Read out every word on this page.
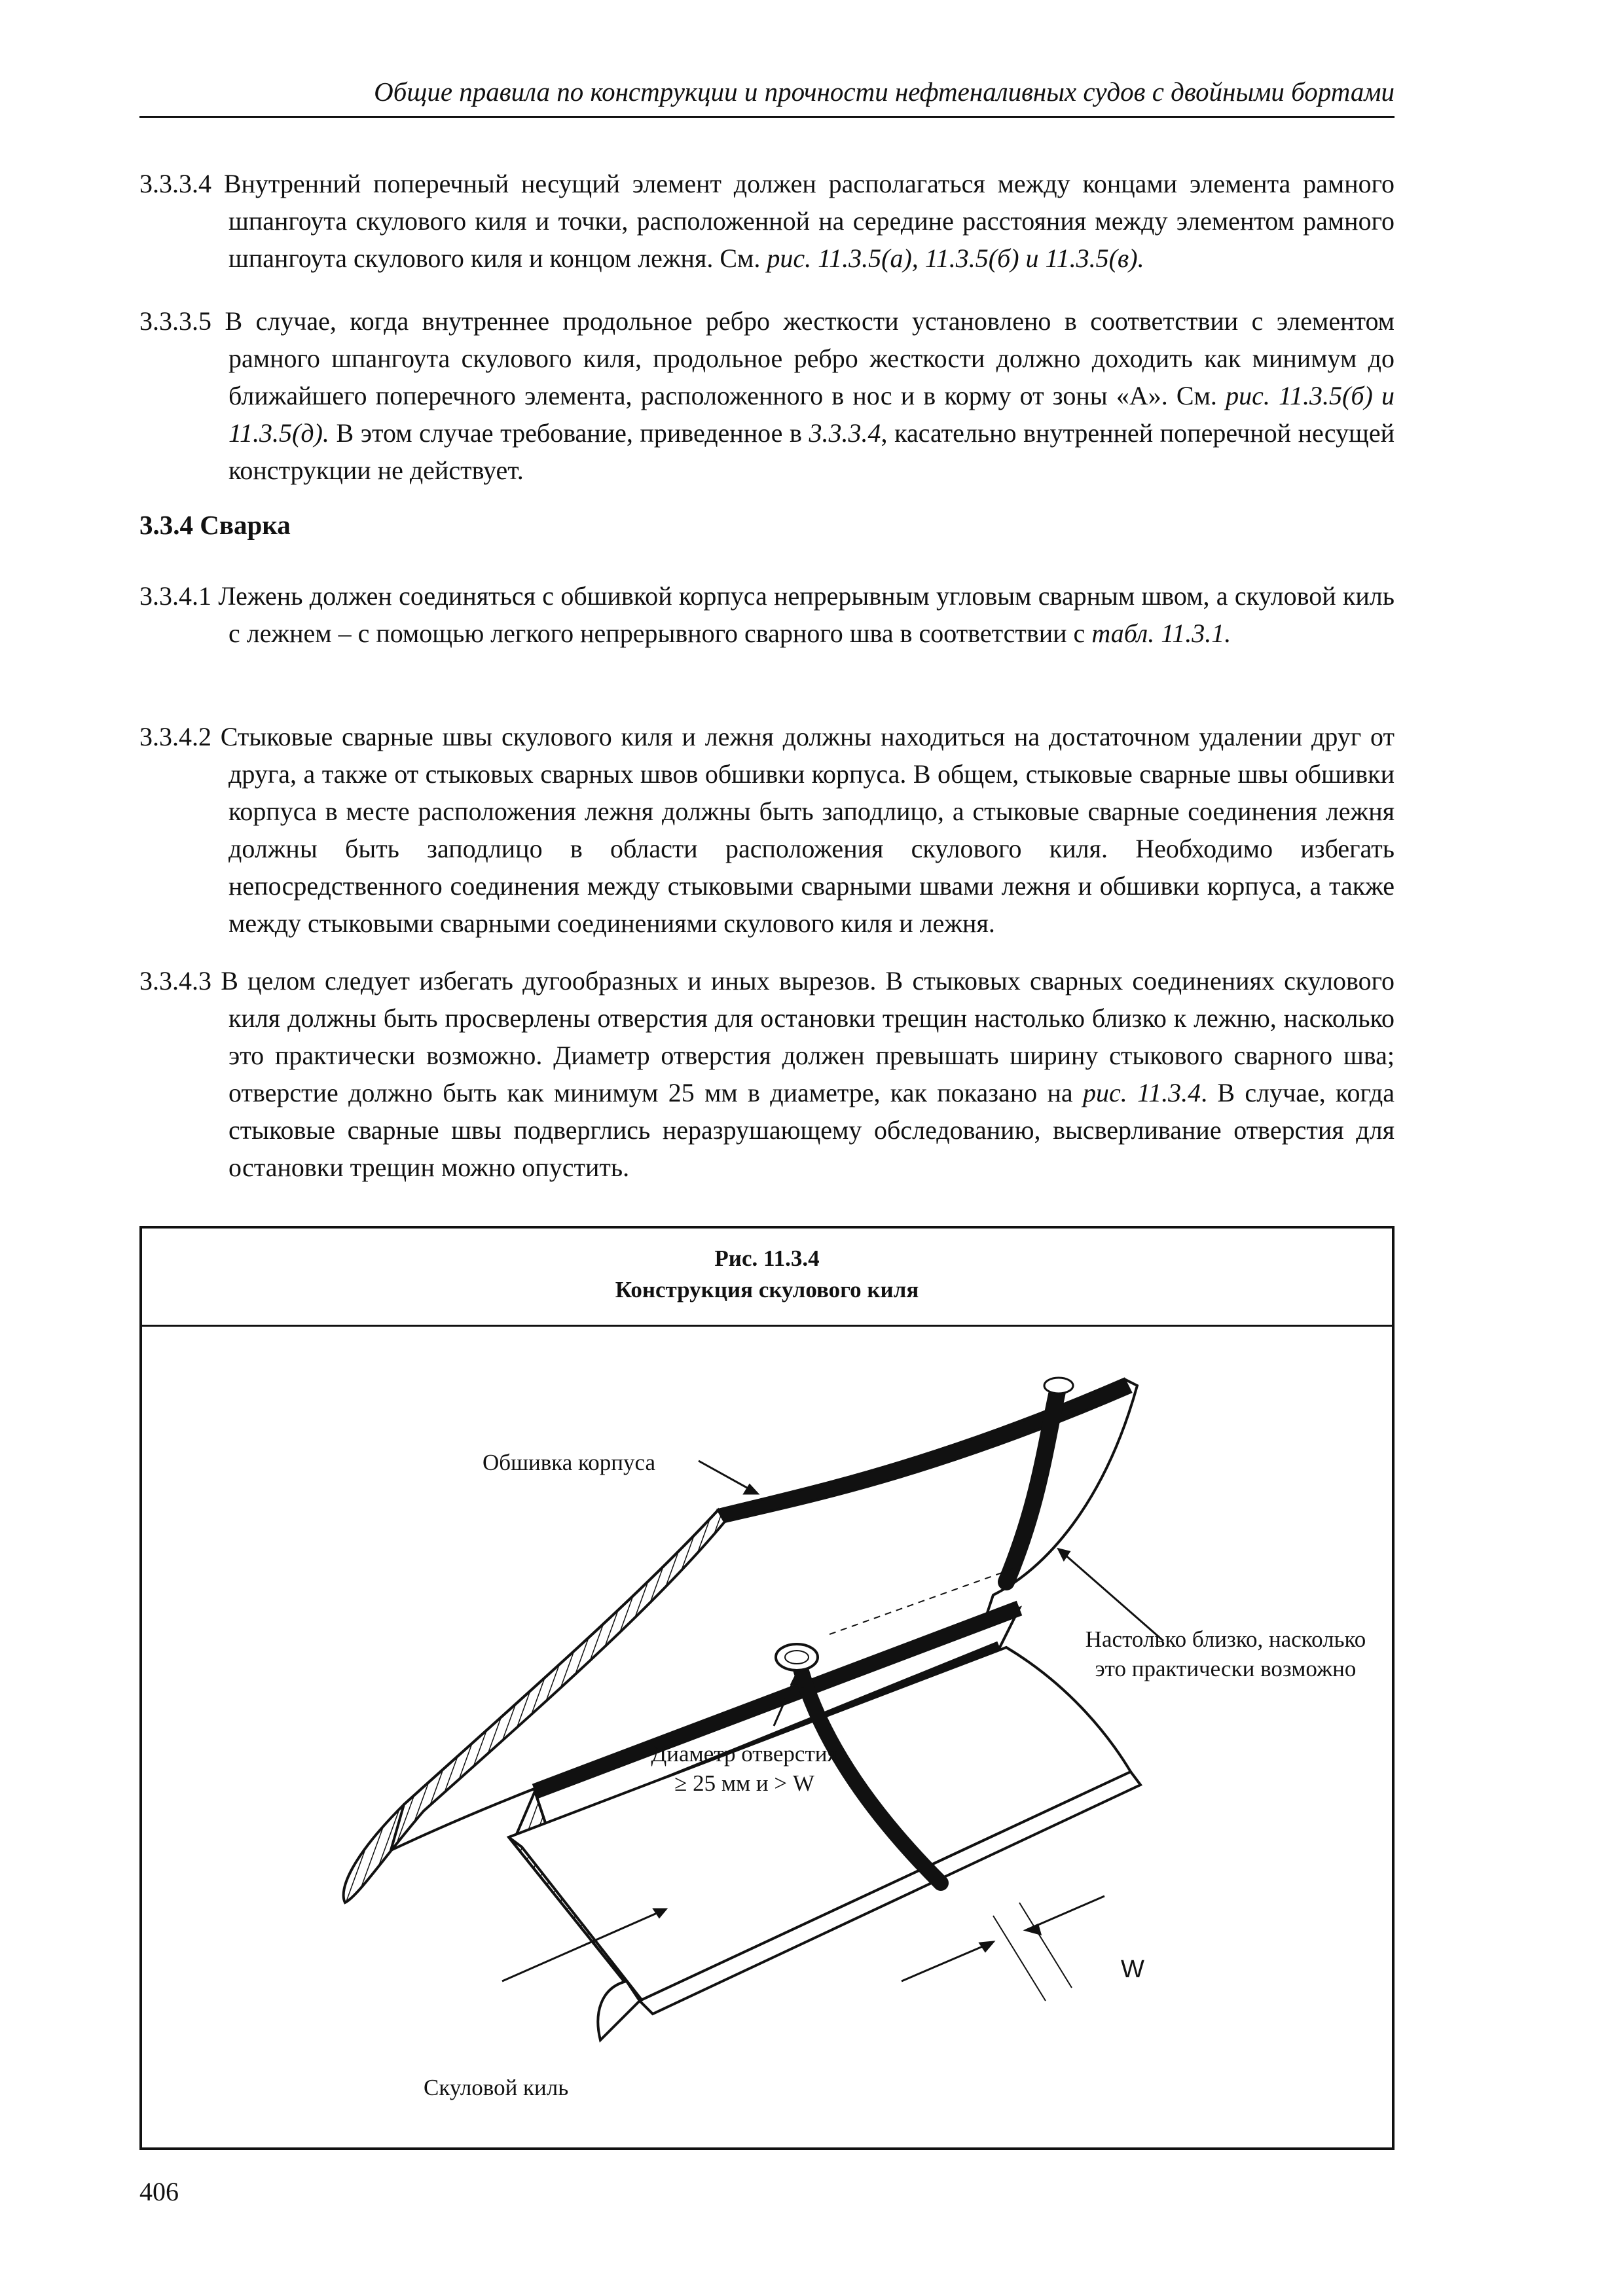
Общие правила по конструкции и прочности нефтеналивных судов с двойными бортами

3.3.3.4 Внутренний поперечный несущий элемент должен располагаться между концами элемента рамного шпангоута скулового киля и точки, расположенной на середине расстояния между элементом рамного шпангоута скулового киля и концом лежня. См. рис. 11.3.5(а), 11.3.5(б) и 11.3.5(в).

3.3.3.5 В случае, когда внутреннее продольное ребро жесткости установлено в соответствии с элементом рамного шпангоута скулового киля, продольное ребро жесткости должно доходить как минимум до ближайшего поперечного элемента, расположенного в нос и в корму от зоны «А». См. рис. 11.3.5(б) и 11.3.5(д). В этом случае требование, приведенное в 3.3.3.4, касательно внутренней поперечной несущей конструкции не действует.

3.3.4 Сварка

3.3.4.1 Лежень должен соединяться с обшивкой корпуса непрерывным угловым сварным швом, а скуловой киль с лежнем – с помощью легкого непрерывного сварного шва в соответствии с табл. 11.3.1.

3.3.4.2 Стыковые сварные швы скулового киля и лежня должны находиться на достаточном удалении друг от друга, а также от стыковых сварных швов обшивки корпуса. В общем, стыковые сварные швы обшивки корпуса в месте расположения лежня должны быть заподлицо, а стыковые сварные соединения лежня должны быть заподлицо в области расположения скулового киля. Необходимо избегать непосредственного соединения между стыковыми сварными швами лежня и обшивки корпуса, а также между стыковыми сварными соединениями скулового киля и лежня.

3.3.4.3 В целом следует избегать дугообразных и иных вырезов. В стыковых сварных соединениях скулового киля должны быть просверлены отверстия для остановки трещин настолько близко к лежню, насколько это практически возможно. Диаметр отверстия должен превышать ширину стыкового сварного шва; отверстие должно быть как минимум 25 мм в диаметре, как показано на рис. 11.3.4. В случае, когда стыковые сварные швы подверглись неразрушающему обследованию, высверливание отверстия для остановки трещин можно опустить.

Рис. 11.3.4
Конструкция скулового киля
Обшивка корпуса
Настолько близко, насколько
это практически возможно
Диаметр отверстия
≥ 25 мм и > W
Скуловой киль
W
406
